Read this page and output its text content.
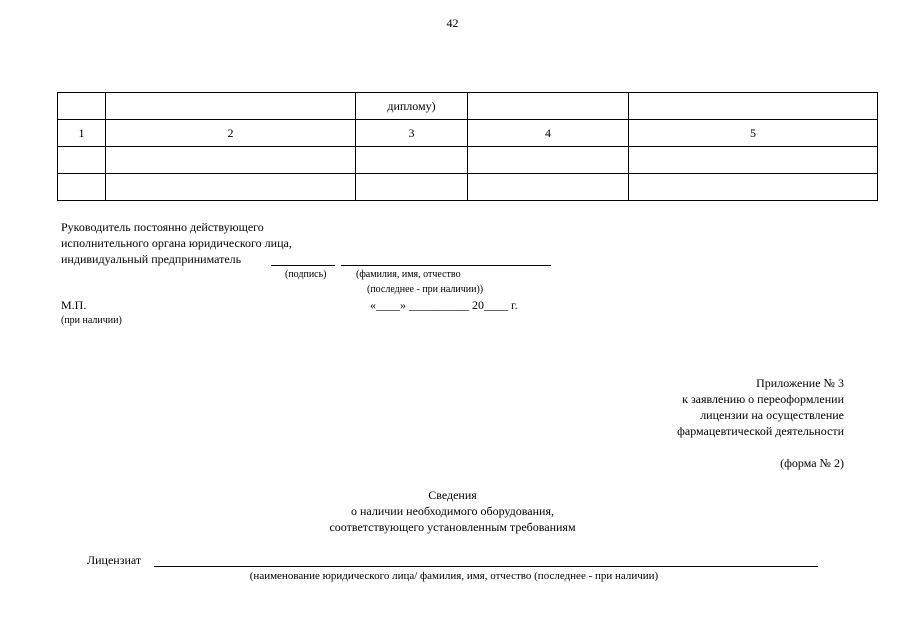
42
		дипломy)		
1	2	3	4	5

Руководитель постоянно действующего
исполнительного органа юридического лица,
индивидуальный предприниматель
(подпись)	(фамилия, имя, отчество
(последнее - при наличии))
М.П.
(при наличии)
«____» __________ 20____ г.
Приложение № 3
к заявлению о переоформлении
лицензии на осуществление
фармацевтической деятельности
(форма № 2)
Сведения
о наличии необходимого оборудования,
соответствующего установленным требованиям
Лицензиат
(наименование юридического лица/ фамилия, имя, отчество (последнее - при наличии)
